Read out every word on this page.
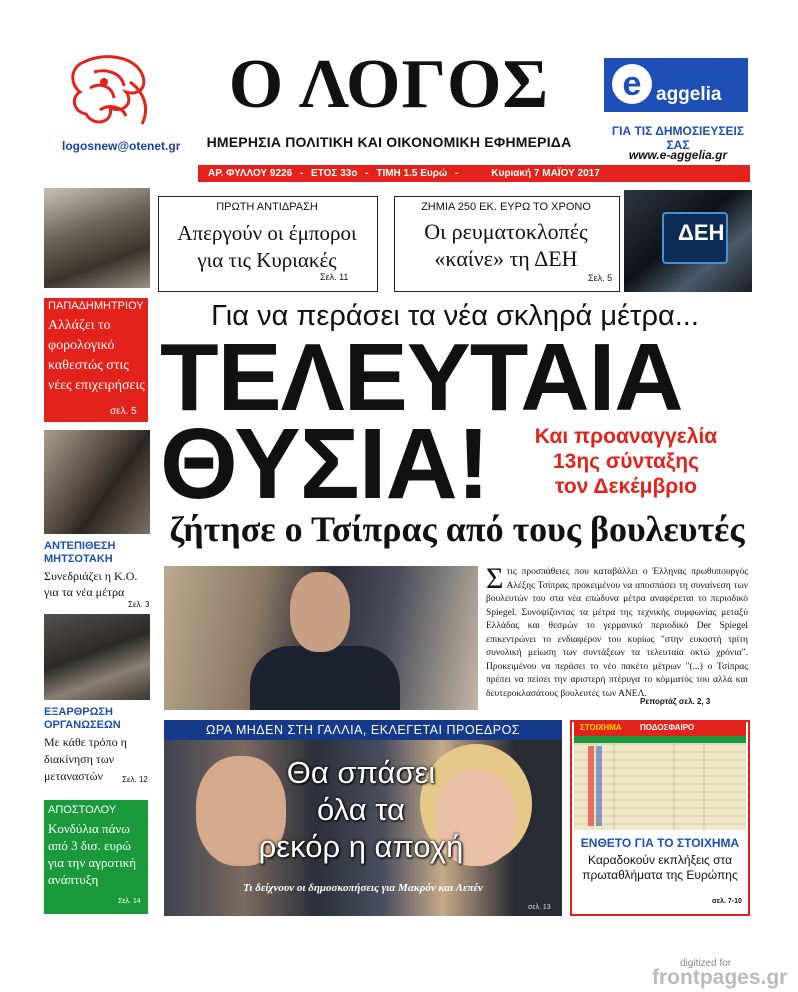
logosnew@otenet.gr
Ο ΛΟΓΟΣ
ΗΜΕΡΗΣΙΑ ΠΟΛΙΤΙΚΗ ΚΑΙ ΟΙΚΟΝΟΜΙΚΗ ΕΦΗΜΕΡΙΔΑ
e aggelia
ΓΙΑ ΤΙΣ ΔΗΜΟΣΙΕΥΣΕΙΣ ΣΑΣ
www.e-aggelia.gr
ΑΡ. ΦΥΛΛΟΥ 9226 - ΕΤΟΣ 33ο - ΤΙΜΗ 1.5 Ευρώ -	Κυριακή 7 ΜΑΪΟΥ 2017
ΠΡΩΤΗ ΑΝΤΙΔΡΑΣΗ
Απεργούν οι έμποροι
για τις Κυριακές
Σελ. 11
ΖΗΜΙΑ 250 ΕΚ. ΕΥΡΩ ΤΟ ΧΡΟΝΟ
Οι ρευματοκλοπές
«καίνε» τη ΔΕΗ
Σελ. 5
ΔΕΗ
ΠΑΠΑΔΗΜΗΤΡΙΟΥ
Αλλάζει το φορολογικό καθεστώς στις νέες επιχειρήσεις
σελ. 5
ΑΝΤΕΠΙΘΕΣΗ ΜΗΤΣΟΤΑΚΗ
Συνεδριάζει η Κ.Ο. για τα νέα μέτρα
Σελ. 3
ΕΞΑΡΘΡΩΣΗ ΟΡΓΑΝΩΣΕΩΝ
Με κάθε τρόπο η διακίνηση των μεταναστών	Σελ. 12
ΑΠΟΣΤΟΛΟΥ
Κονδύλια πάνω από 3 δισ. ευρώ για την αγροτική ανάπτυξη
Σελ. 14
Για να περάσει τα νέα σκληρά μέτρα...
ΤΕΛΕΥΤΑΙΑ
ΘΥΣΙΑ!	Και προαναγγελία
13ης σύνταξης
τον Δεκέμβριο
ζήτησε ο Τσίπρας από τους βουλευτές
Στις προσπάθειες που καταβάλλει ο Έλληνας πρωθυπουργός Αλέξης Τσίπρας προκειμένου να αποσπάσει τη συναίνεση των βουλευτών του στα νέα επώδυνα μέτρα αναφέρεται το περιοδικό Spiegel. Συνοψίζοντας τα μέτρα της τεχνικής συμφωνίας μεταξύ Ελλάδας και θεσμών το γερμανικό περιοδικό Der Spiegel επικεντρώνει το ενδιαφέρον του κυρίως "στην ευκοστή τρίτη συνολική μείωση των συντάξεων τα τελευταία οκτώ χρόνια". Προκειμένου να περάσει το νέο πακέτο μέτρων "(...) ο Τσίπρας πρέπει να πείσει την αριστερή πτέρυγα το κόμματός του αλλά και δευτεροκλασάτους βουλευτές των ΑΝΕΛ.
Ρεπορτάζ σελ. 2, 3
ΩΡΑ ΜΗΔΕΝ ΣΤΗ ΓΑΛΛΙΑ, ΕΚΛΕΓΕΤΑΙ ΠΡΟΕΔΡΟΣ
Θα σπάσει
όλα τα
ρεκόρ η αποχή
Τι δείχνουν οι δημοσκοπήσεις για Μακρόν και Λεπέν
σελ. 13
ΣΤΟΙΧΗΜΑ ΠΟΔΟΣΦΑΙΡΟ
ΕΝΘΕΤΟ ΓΙΑ ΤΟ ΣΤΟΙΧΗΜΑ
Καραδοκούν εκπλήξεις στα
πρωταθλήματα της Ευρώπης
σελ. 7-10
digitized for
frontpages.gr
